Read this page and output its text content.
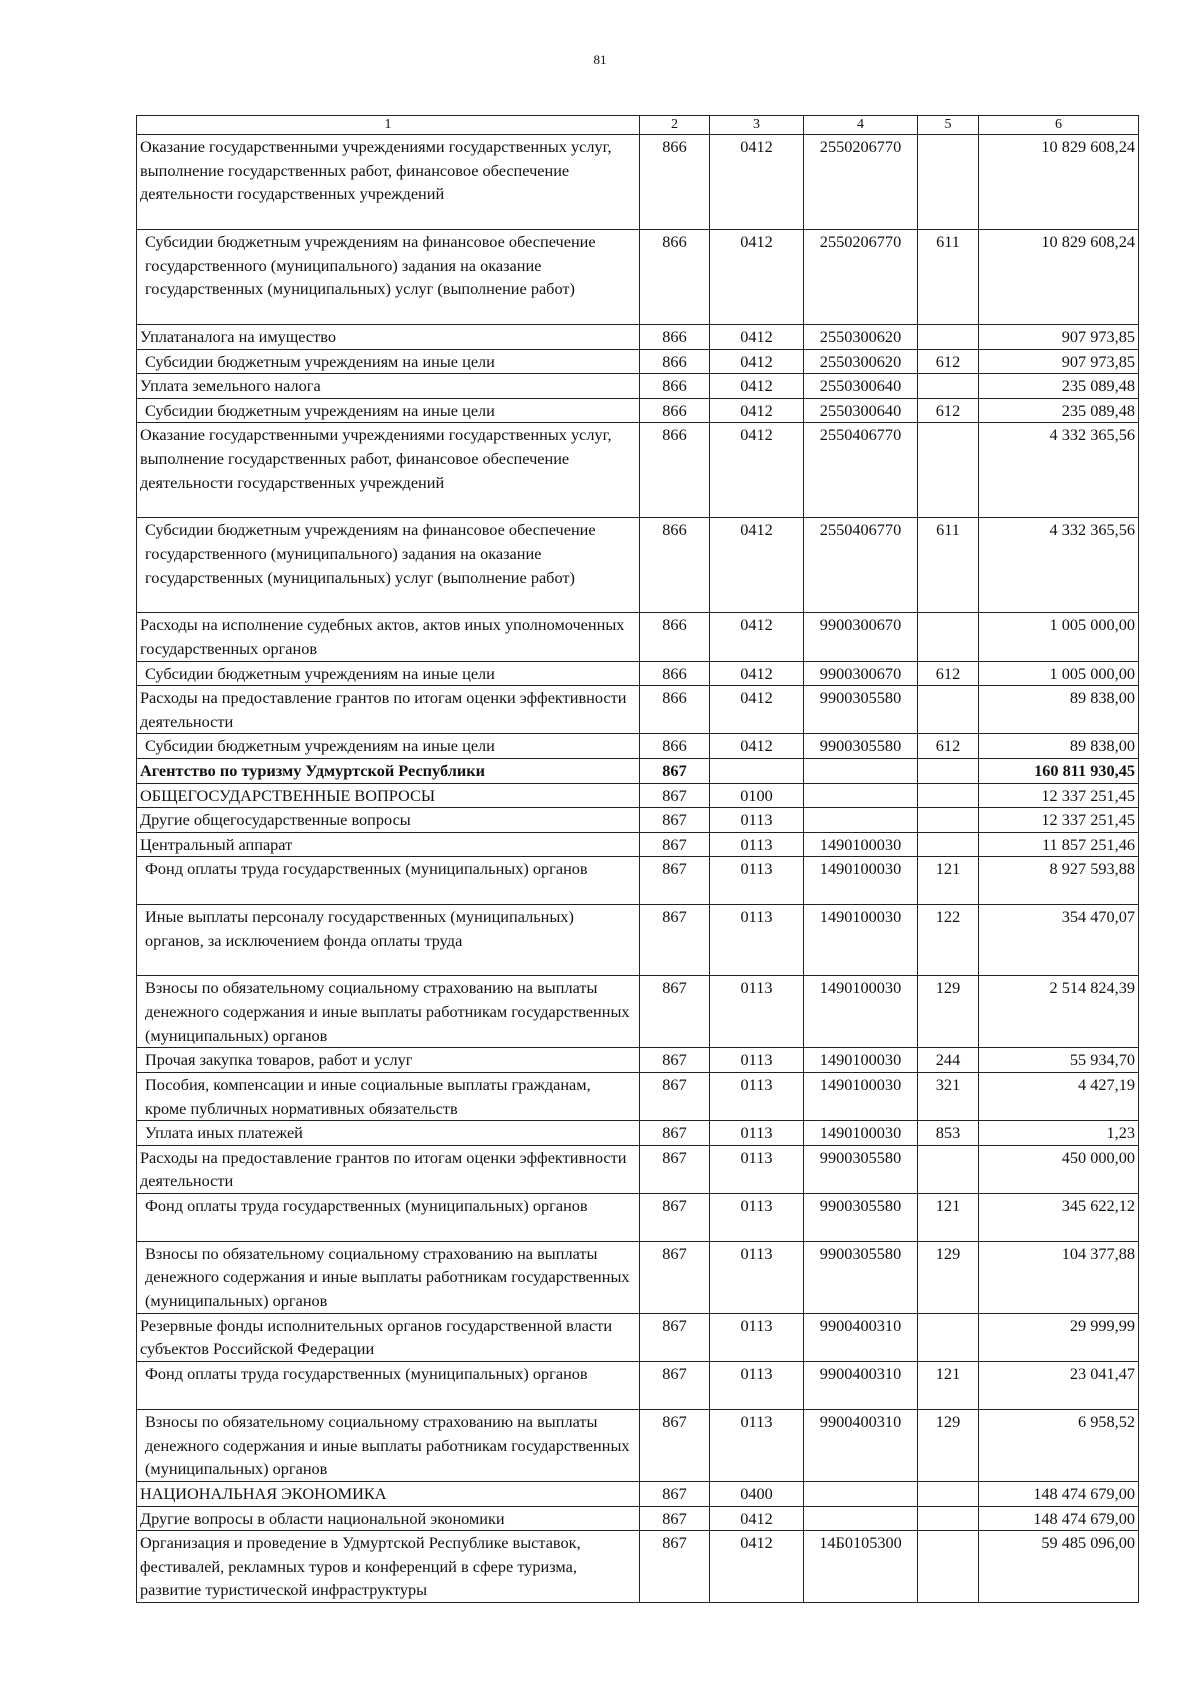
81
1	2	3	4	5	6
Оказание государственными учреждениями государственных услуг, выполнение государственных работ, финансовое обеспечение деятельности государственных учреждений	866	0412	2550206770		10 829 608,24
Субсидии бюджетным учреждениям на финансовое обеспечение государственного (муниципального) задания на оказание государственных (муниципальных) услуг (выполнение работ)	866	0412	2550206770	611	10 829 608,24
Уплатаналога на имущество	866	0412	2550300620		907 973,85
Субсидии бюджетным учреждениям на иные цели	866	0412	2550300620	612	907 973,85
Уплата земельного налога	866	0412	2550300640		235 089,48
Субсидии бюджетным учреждениям на иные цели	866	0412	2550300640	612	235 089,48
Оказание государственными учреждениями государственных услуг, выполнение государственных работ, финансовое обеспечение деятельности государственных учреждений	866	0412	2550406770		4 332 365,56
Субсидии бюджетным учреждениям на финансовое обеспечение государственного (муниципального) задания на оказание государственных (муниципальных) услуг (выполнение работ)	866	0412	2550406770	611	4 332 365,56
Расходы на исполнение судебных актов, актов иных уполномоченных государственных органов	866	0412	9900300670		1 005 000,00
Субсидии бюджетным учреждениям на иные цели	866	0412	9900300670	612	1 005 000,00
Расходы на предоставление грантов по итогам оценки эффективности деятельности	866	0412	9900305580		89 838,00
Субсидии бюджетным учреждениям на иные цели	866	0412	9900305580	612	89 838,00
Агентство по туризму Удмуртской Республики	867				160 811 930,45
ОБЩЕГОСУДАРСТВЕННЫЕ ВОПРОСЫ	867	0100			12 337 251,45
Другие общегосударственные вопросы	867	0113			12 337 251,45
Центральный аппарат	867	0113	1490100030		11 857 251,46
Фонд оплаты труда государственных (муниципальных) органов	867	0113	1490100030	121	8 927 593,88
Иные выплаты персоналу государственных (муниципальных) органов, за исключением фонда оплаты труда	867	0113	1490100030	122	354 470,07
Взносы по обязательному социальному страхованию на выплаты денежного содержания и иные выплаты работникам государственных (муниципальных) органов	867	0113	1490100030	129	2 514 824,39
Прочая закупка товаров, работ и услуг	867	0113	1490100030	244	55 934,70
Пособия, компенсации и иные социальные выплаты гражданам, кроме публичных нормативных обязательств	867	0113	1490100030	321	4 427,19
Уплата иных платежей	867	0113	1490100030	853	1,23
Расходы на предоставление грантов по итогам оценки эффективности деятельности	867	0113	9900305580		450 000,00
Фонд оплаты труда государственных (муниципальных) органов	867	0113	9900305580	121	345 622,12
Взносы по обязательному социальному страхованию на выплаты денежного содержания и иные выплаты работникам государственных (муниципальных) органов	867	0113	9900305580	129	104 377,88
Резервные фонды исполнительных органов государственной власти субъектов Российской Федерации	867	0113	9900400310		29 999,99
Фонд оплаты труда государственных (муниципальных) органов	867	0113	9900400310	121	23 041,47
Взносы по обязательному социальному страхованию на выплаты денежного содержания и иные выплаты работникам государственных (муниципальных) органов	867	0113	9900400310	129	6 958,52
НАЦИОНАЛЬНАЯ ЭКОНОМИКА	867	0400			148 474 679,00
Другие вопросы в области национальной экономики	867	0412			148 474 679,00
Организация и проведение в Удмуртской Республике выставок, фестивалей, рекламных туров и конференций в сфере туризма, развитие туристической инфраструктуры	867	0412	14Б0105300		59 485 096,00
